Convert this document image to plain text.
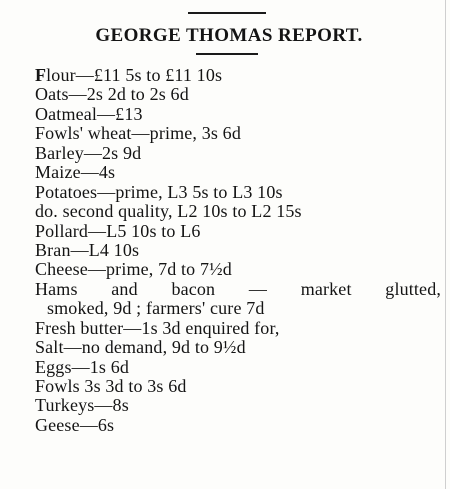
GEORGE THOMAS REPORT.
Flour—£11 5s to £11 10s
Oats—2s 2d to 2s 6d
Oatmeal—£13
Fowls' wheat—prime, 3s 6d
Barley—2s 9d
Maize—4s
Potatoes—prime, L3 5s to L3 10s
do. second quality, L2 10s to L2 15s
Pollard—L5 10s to L6
Bran—L4 10s
Cheese—prime, 7d to 7½d
Hams and bacon — market glutted,
smoked, 9d ; farmers' cure 7d
Fresh butter—1s 3d enquired for,
Salt—no demand, 9d to 9½d
Eggs—1s 6d
Fowls 3s 3d to 3s 6d
Turkeys—8s
Geese—6s
